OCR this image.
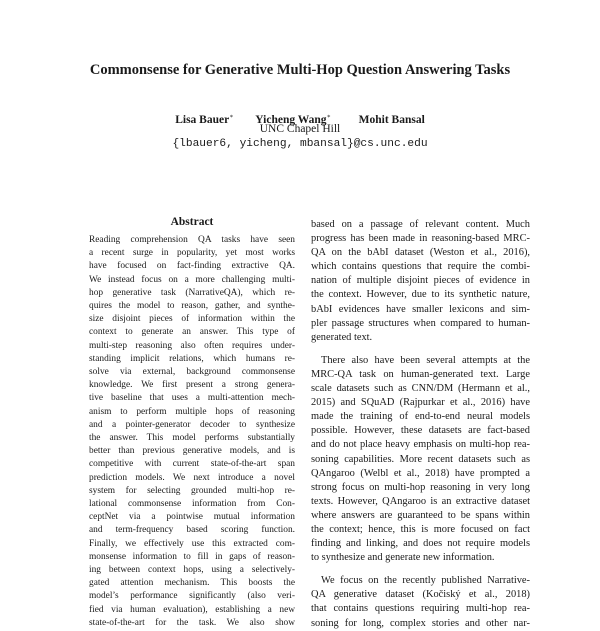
Commonsense for Generative Multi-Hop Question Answering Tasks
Lisa Bauer∗ Yicheng Wang∗ Mohit Bansal
UNC Chapel Hill
{lbauer6, yicheng, mbansal}@cs.unc.edu
Abstract
Reading comprehension QA tasks have seen
a recent surge in popularity, yet most works
have focused on fact-finding extractive QA.
We instead focus on a more challenging multi-
hop generative task (NarrativeQA), which re-
quires the model to reason, gather, and synthe-
size disjoint pieces of information within the
context to generate an answer. This type of
multi-step reasoning also often requires under-
standing implicit relations, which humans re-
solve via external, background commonsense
knowledge. We first present a strong genera-
tive baseline that uses a multi-attention mech-
anism to perform multiple hops of reasoning
and a pointer-generator decoder to synthesize
the answer. This model performs substantially
better than previous generative models, and is
competitive with current state-of-the-art span
prediction models. We next introduce a novel
system for selecting grounded multi-hop re-
lational commonsense information from Con-
ceptNet via a pointwise mutual information
and term-frequency based scoring function.
Finally, we effectively use this extracted com-
monsense information to fill in gaps of reason-
ing between context hops, using a selectively-
gated attention mechanism. This boosts the
model’s performance significantly (also veri-
fied via human evaluation), establishing a new
state-of-the-art for the task. We also show
based on a passage of relevant content. Much
progress has been made in reasoning-based MRC-
QA on the bAbI dataset (Weston et al., 2016),
which contains questions that require the combi-
nation of multiple disjoint pieces of evidence in
the context. However, due to its synthetic nature,
bAbI evidences have smaller lexicons and sim-
pler passage structures when compared to human-
generated text.
There also have been several attempts at the
MRC-QA task on human-generated text. Large
scale datasets such as CNN/DM (Hermann et al.,
2015) and SQuAD (Rajpurkar et al., 2016) have
made the training of end-to-end neural models
possible. However, these datasets are fact-based
and do not place heavy emphasis on multi-hop rea-
soning capabilities. More recent datasets such as
QAngaroo (Welbl et al., 2018) have prompted a
strong focus on multi-hop reasoning in very long
texts. However, QAngaroo is an extractive dataset
where answers are guaranteed to be spans within
the context; hence, this is more focused on fact
finding and linking, and does not require models
to synthesize and generate new information.
We focus on the recently published Narrative-
QA generative dataset (Kočiský et al., 2018)
that contains questions requiring multi-hop rea-
soning for long, complex stories and other nar-
